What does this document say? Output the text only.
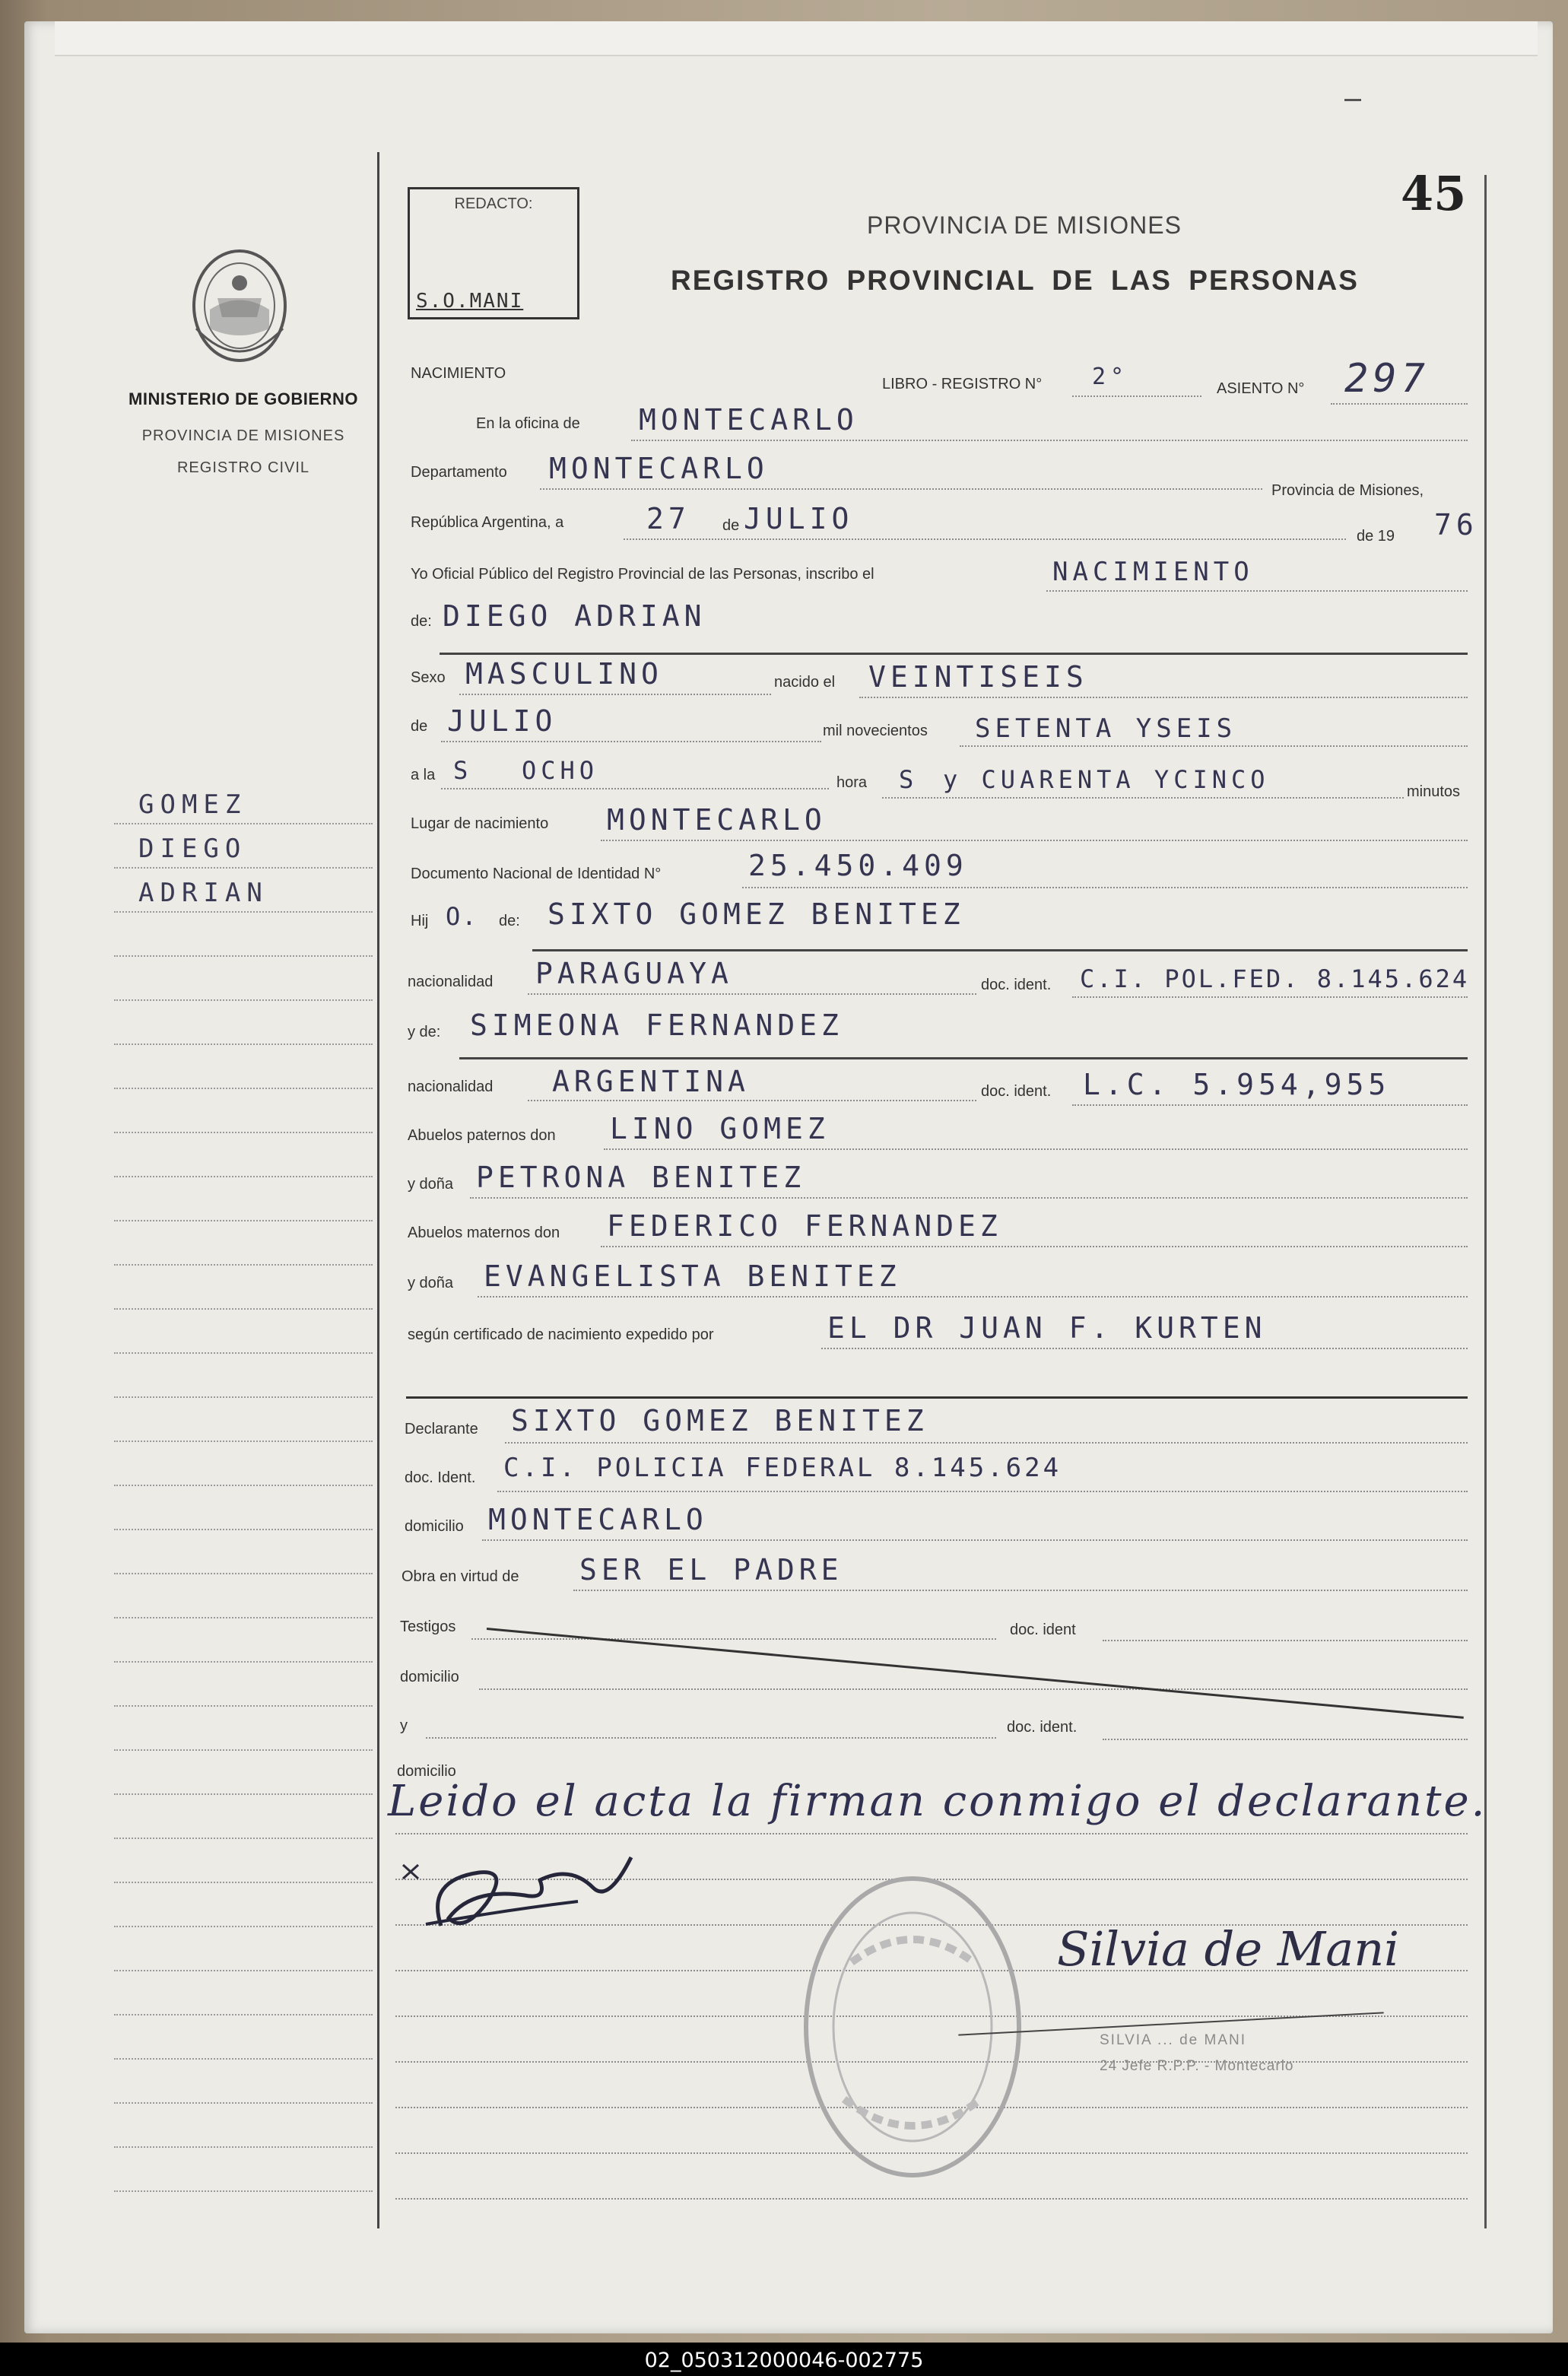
MINISTERIO DE GOBIERNO
PROVINCIA DE MISIONES
REGISTRO CIVIL
GOMEZ
DIEGO
ADRIAN
REDACTO:
S.O.MANI
45
PROVINCIA DE MISIONES
REGISTRO PROVINCIAL DE LAS PERSONAS
NACIMIENTO
LIBRO - REGISTRO N° 2°	ASIENTO N° 297
En la oficina de MONTECARLO
Departamento MONTECARLO
Provincia de Misiones,
República Argentina, a	27 de JULIO
de 19 76
Yo Oficial Público del Registro Provincial de las Personas, inscribo el	NACIMIENTO
de: DIEGO ADRIAN
Sexo MASCULINO	nacido el VEINTISEIS
de JULIO	mil novecientos SETENTA YSEIS
a la S OCHO	hora S y CUARENTA YCINCO	minutos
Lugar de nacimiento MONTECARLO
Documento Nacional de Identidad N°	25.450.409
Hij O. de: SIXTO GOMEZ BENITEZ
nacionalidad PARAGUAYA	doc. ident. C.I. POL.FED. 8.145.624
y de: SIMEONA FERNANDEZ
nacionalidad ARGENTINA	doc. ident. L.C. 5.954,955
Abuelos paternos don LINO GOMEZ
y doña PETRONA BENITEZ
Abuelos maternos don FEDERICO FERNANDEZ
y doña EVANGELISTA BENITEZ
según certificado de nacimiento expedido por	EL DR JUAN F. KURTEN
Declarante SIXTO GOMEZ BENITEZ
doc. Ident. C.I. POLICIA FEDERAL 8.145.624
domicilio MONTECARLO
Obra en virtud de SER EL PADRE
Testigos	doc. ident
domicilio
y	doc. ident.
domicilio
Leido el acta la firman conmigo el declarante.
Silvia de Mani
SILVIA ... de MANI
24 Jefe R.P.P. - Montecarlo
02_050312000046-002775
